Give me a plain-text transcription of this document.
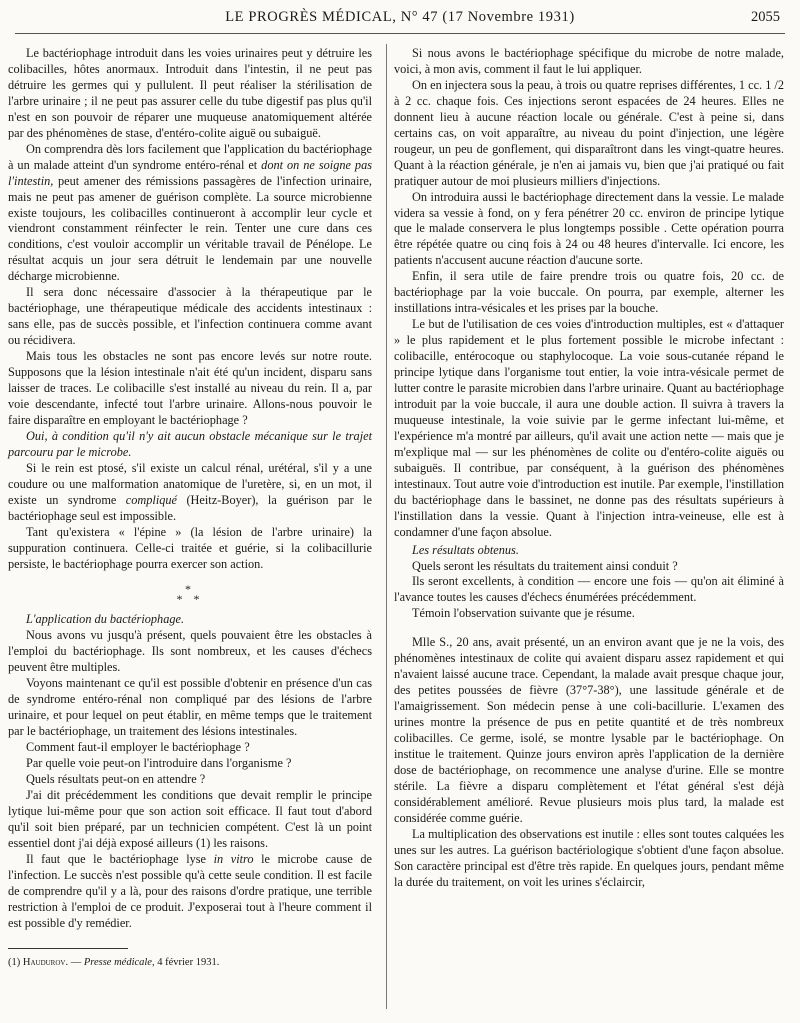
LE PROGRÈS MÉDICAL, N° 47 (17 Novembre 1931)	2055

Le bactériophage introduit dans les voies urinaires peut y détruire les colibacilles, hôtes anormaux. Introduit dans l'intestin, il ne peut pas détruire les germes qui y pullulent. Il peut réaliser la stérilisation de l'arbre urinaire ; il ne peut pas assurer celle du tube digestif pas plus qu'il n'est en son pouvoir de réparer une muqueuse anatomiquement altérée par des phénomènes de stase, d'entéro-colite aiguë ou subaiguë.

On comprendra dès lors facilement que l'application du bactériophage à un malade atteint d'un syndrome entéro-rénal et dont on ne soigne pas l'intestin, peut amener des rémissions passagères de l'infection urinaire, mais ne peut pas amener de guérison complète. La source microbienne existe toujours, les colibacilles continueront à accomplir leur cycle et viendront constamment réinfecter le rein. Tenter une cure dans ces conditions, c'est vouloir accomplir un véritable travail de Pénélope. Le résultat acquis un jour sera détruit le lendemain par une nouvelle décharge microbienne.

Il sera donc nécessaire d'associer à la thérapeutique par le bactériophage, une thérapeutique médicale des accidents intestinaux : sans elle, pas de succès possible, et l'infection continuera comme avant ou récidivera.

Mais tous les obstacles ne sont pas encore levés sur notre route. Supposons que la lésion intestinale n'ait été qu'un incident, disparu sans laisser de traces. Le colibacille s'est installé au niveau du rein. Il a, par voie descendante, infecté tout l'arbre urinaire. Allons-nous pouvoir le faire disparaître en employant le bactériophage ?

Oui, à condition qu'il n'y ait aucun obstacle mécanique sur le trajet parcouru par le microbe.

Si le rein est ptosé, s'il existe un calcul rénal, urétéral, s'il y a une coudure ou une malformation anatomique de l'uretère, si, en un mot, il existe un syndrome compliqué (Heitz-Boyer), la guérison par le bactériophage seul est impossible.

Tant qu'existera « l'épine » (la lésion de l'arbre urinaire) la suppuration continuera. Celle-ci traitée et guérie, si la colibacillurie persiste, le bactériophage pourra exercer son action.

*
* *

L'application du bactériophage.

Nous avons vu jusqu'à présent, quels pouvaient être les obstacles à l'emploi du bactériophage. Ils sont nombreux, et les causes d'échecs peuvent être multiples.

Voyons maintenant ce qu'il est possible d'obtenir en présence d'un cas de syndrome entéro-rénal non compliqué par des lésions de l'arbre urinaire, et pour lequel on peut établir, en même temps que le traitement par le bactériophage, un traitement des lésions intestinales.

Comment faut-il employer le bactériophage ?

Par quelle voie peut-on l'introduire dans l'organisme ?

Quels résultats peut-on en attendre ?

J'ai dit précédemment les conditions que devait remplir le principe lytique lui-même pour que son action soit efficace. Il faut tout d'abord qu'il soit bien préparé, par un technicien compétent. C'est là un point essentiel dont j'ai déjà exposé ailleurs (1) les raisons.

Il faut que le bactériophage lyse in vitro le microbe cause de l'infection. Le succès n'est possible qu'à cette seule condition. Il est facile de comprendre qu'il y a là, pour des raisons d'ordre pratique, une terrible restriction à l'emploi de ce produit. J'exposerai tout à l'heure comment il est possible d'y remédier.

(1) Haudurov. — Presse médicale, 4 février 1931.

Si nous avons le bactériophage spécifique du microbe de notre malade, voici, à mon avis, comment il faut le lui appliquer.

On en injectera sous la peau, à trois ou quatre reprises différentes, 1 cc. 1 /2 à 2 cc. chaque fois. Ces injections seront espacées de 24 heures. Elles ne donnent lieu à aucune réaction locale ou générale. C'est à peine si, dans certains cas, on voit apparaître, au niveau du point d'injection, une légère rougeur, un peu de gonflement, qui disparaîtront dans les vingt-quatre heures. Quant à la réaction générale, je n'en ai jamais vu, bien que j'ai pratiqué ou fait pratiquer autour de moi plusieurs milliers d'injections.

On introduira aussi le bactériophage directement dans la vessie. Le malade videra sa vessie à fond, on y fera pénétrer 20 cc. environ de principe lytique que le malade conservera le plus longtemps possible . Cette opération pourra être répétée quatre ou cinq fois à 24 ou 48 heures d'intervalle. Ici encore, les patients n'accusent aucune réaction d'aucune sorte.

Enfin, il sera utile de faire prendre trois ou quatre fois, 20 cc. de bactériophage par la voie buccale. On pourra, par exemple, alterner les instillations intra-vésicales et les prises par la bouche.

Le but de l'utilisation de ces voies d'introduction multiples, est « d'attaquer » le plus rapidement et le plus fortement possible le microbe infectant : colibacille, entérocoque ou staphylocoque. La voie sous-cutanée répand le principe lytique dans l'organisme tout entier, la voie intra-vésicale permet de lutter contre le parasite microbien dans l'arbre urinaire. Quant au bactériophage introduit par la voie buccale, il aura une double action. Il suivra à travers la muqueuse intestinale, la voie suivie par le germe infectant lui-même, et l'expérience m'a montré par ailleurs, qu'il avait une action nette — mais que je m'explique mal — sur les phénomènes de colite ou d'entéro-colite aiguës ou subaiguës. Il contribue, par conséquent, à la guérison des phénomènes intestinaux. Tout autre voie d'introduction est inutile. Par exemple, l'instillation du bactériophage dans le bassinet, ne donne pas des résultats supérieurs à l'instillation dans la vessie. Quant à l'injection intra-veineuse, elle est à condamner d'une façon absolue.

Les résultats obtenus.

Quels seront les résultats du traitement ainsi conduit ?

Ils seront excellents, à condition — encore une fois — qu'on ait éliminé à l'avance toutes les causes d'échecs énumérées précédemment.

Témoin l'observation suivante que je résume.

Mlle S., 20 ans, avait présenté, un an environ avant que je ne la vois, des phénomènes intestinaux de colite qui avaient disparu assez rapidement et qui n'avaient laissé aucune trace. Cependant, la malade avait presque chaque jour, des petites poussées de fièvre (37°7-38°), une lassitude générale et de l'amaigrissement. Son médecin pense à une coli-bacillurie. L'examen des urines montre la présence de pus en petite quantité et de très nombreux colibacilles. Ce germe, isolé, se montre lysable par le bactériophage. On institue le traitement. Quinze jours environ après l'application de la dernière dose de bactériophage, on recommence une analyse d'urine. Elle se montre stérile. La fièvre a disparu complètement et l'état général s'est déjà considérablement amélioré. Revue plusieurs mois plus tard, la malade est considérée comme guérie.

La multiplication des observations est inutile : elles sont toutes calquées les unes sur les autres. La guérison bactériologique s'obtient d'une façon absolue. Son caractère principal est d'être très rapide. En quelques jours, pendant même la durée du traitement, on voit les urines s'éclaircir,
